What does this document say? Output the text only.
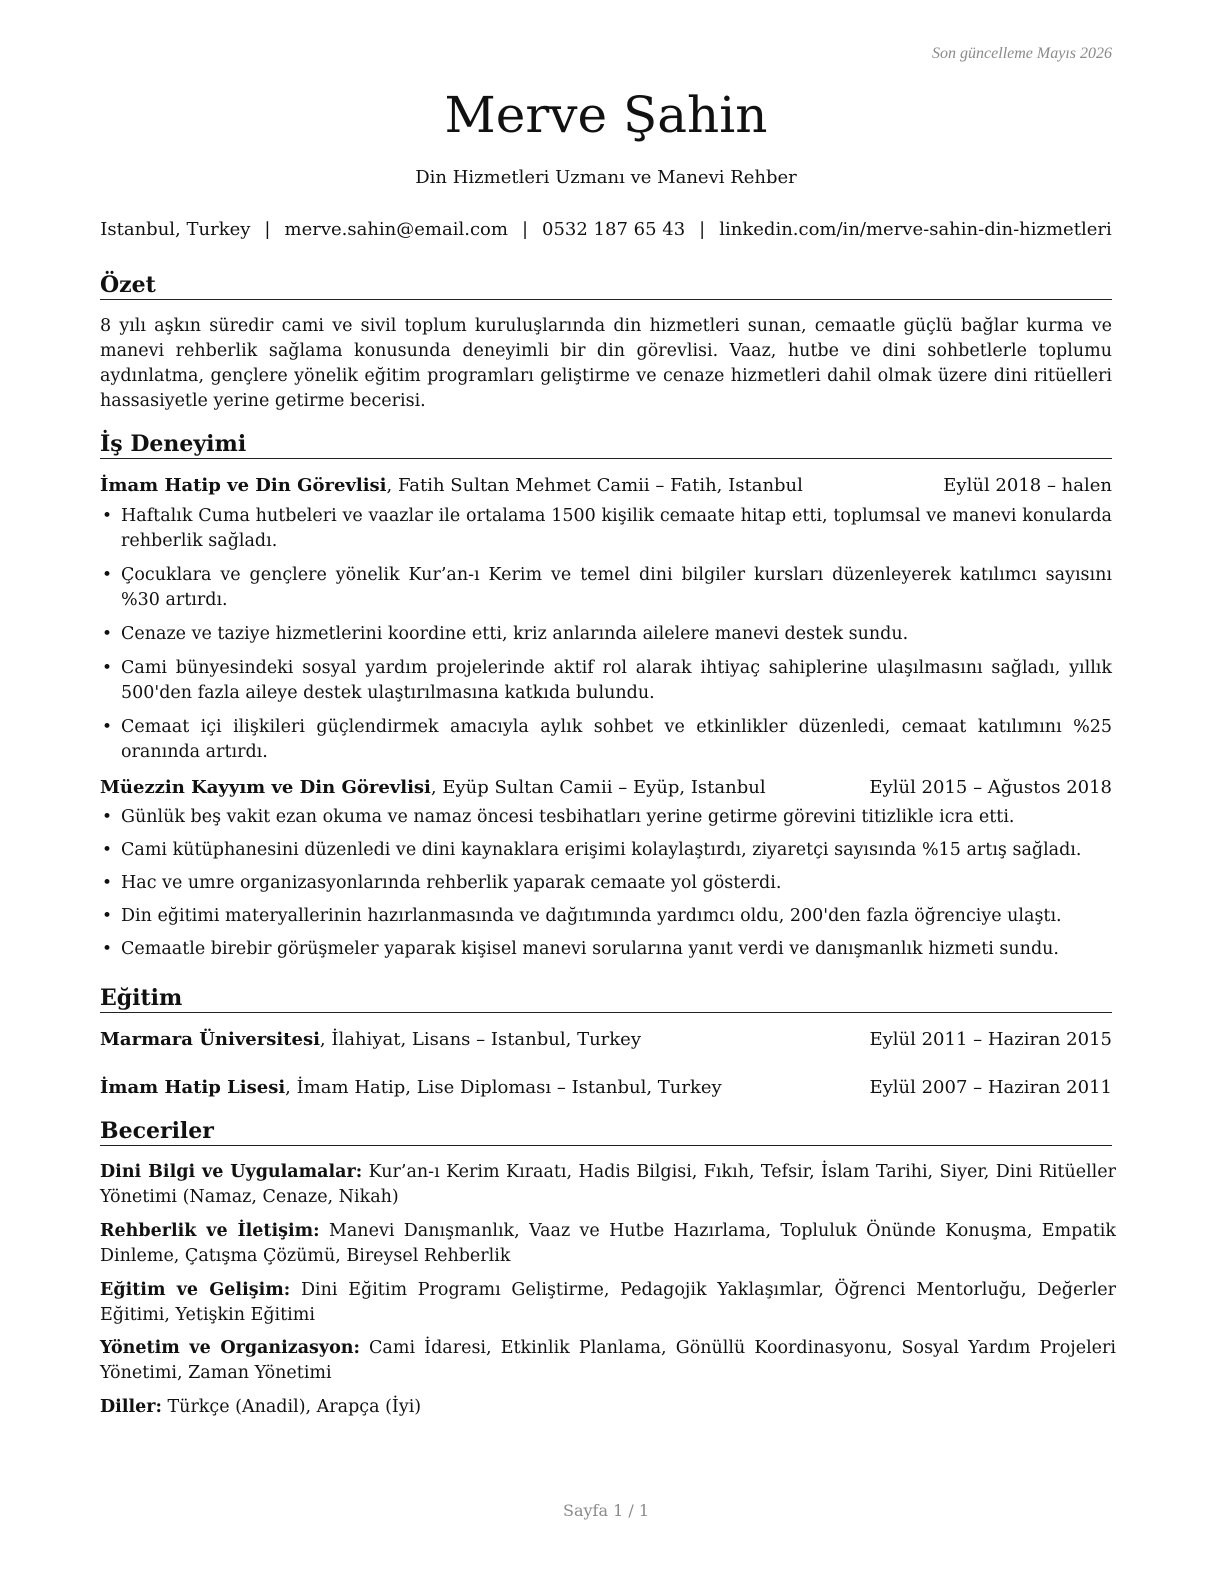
Son güncelleme Mayıs 2026
Merve Şahin
Din Hizmetleri Uzmanı ve Manevi Rehber
Istanbul, Turkey | merve.sahin@email.com | 0532 187 65 43 | linkedin.com/in/merve-sahin-din-hizmetleri
Özet
8 yılı aşkın süredir cami ve sivil toplum kuruluşlarında din hizmetleri sunan, cemaatle güçlü bağlar kurma ve manevi rehberlik sağlama konusunda deneyimli bir din görevlisi. Vaaz, hutbe ve dini sohbetlerle toplumu aydınlatma, gençlere yönelik eğitim programları geliştirme ve cenaze hizmetleri dahil olmak üzere dini ritüelleri hassasiyetle yerine getirme becerisi.
İş Deneyimi
İmam Hatip ve Din Görevlisi, Fatih Sultan Mehmet Camii – Fatih, Istanbul	Eylül 2018 – halen
• Haftalık Cuma hutbeleri ve vaazlar ile ortalama 1500 kişilik cemaate hitap etti, toplumsal ve manevi konularda rehberlik sağladı.
• Çocuklara ve gençlere yönelik Kur’an-ı Kerim ve temel dini bilgiler kursları düzenleyerek katılımcı sayısını %30 artırdı.
• Cenaze ve taziye hizmetlerini koordine etti, kriz anlarında ailelere manevi destek sundu.
• Cami bünyesindeki sosyal yardım projelerinde aktif rol alarak ihtiyaç sahiplerine ulaşılmasını sağladı, yıllık 500'den fazla aileye destek ulaştırılmasına katkıda bulundu.
• Cemaat içi ilişkileri güçlendirmek amacıyla aylık sohbet ve etkinlikler düzenledi, cemaat katılımını %25 oranında artırdı.
Müezzin Kayyım ve Din Görevlisi, Eyüp Sultan Camii – Eyüp, Istanbul	Eylül 2015 – Ağustos 2018
• Günlük beş vakit ezan okuma ve namaz öncesi tesbihatları yerine getirme görevini titizlikle icra etti.
• Cami kütüphanesini düzenledi ve dini kaynaklara erişimi kolaylaştırdı, ziyaretçi sayısında %15 artış sağladı.
• Hac ve umre organizasyonlarında rehberlik yaparak cemaate yol gösterdi.
• Din eğitimi materyallerinin hazırlanmasında ve dağıtımında yardımcı oldu, 200'den fazla öğrenciye ulaştı.
• Cemaatle birebir görüşmeler yaparak kişisel manevi sorularına yanıt verdi ve danışmanlık hizmeti sundu.
Eğitim
Marmara Üniversitesi, İlahiyat, Lisans – Istanbul, Turkey	Eylül 2011 – Haziran 2015
İmam Hatip Lisesi, İmam Hatip, Lise Diploması – Istanbul, Turkey	Eylül 2007 – Haziran 2011
Beceriler
Dini Bilgi ve Uygulamalar: Kur’an-ı Kerim Kıraatı, Hadis Bilgisi, Fıkıh, Tefsir, İslam Tarihi, Siyer, Dini Ritüeller Yönetimi (Namaz, Cenaze, Nikah)
Rehberlik ve İletişim: Manevi Danışmanlık, Vaaz ve Hutbe Hazırlama, Topluluk Önünde Konuşma, Empatik Dinleme, Çatışma Çözümü, Bireysel Rehberlik
Eğitim ve Gelişim: Dini Eğitim Programı Geliştirme, Pedagojik Yaklaşımlar, Öğrenci Mentorluğu, Değerler Eğitimi, Yetişkin Eğitimi
Yönetim ve Organizasyon: Cami İdaresi, Etkinlik Planlama, Gönüllü Koordinasyonu, Sosyal Yardım Projeleri Yönetimi, Zaman Yönetimi
Diller: Türkçe (Anadil), Arapça (İyi)
Sayfa 1 / 1
